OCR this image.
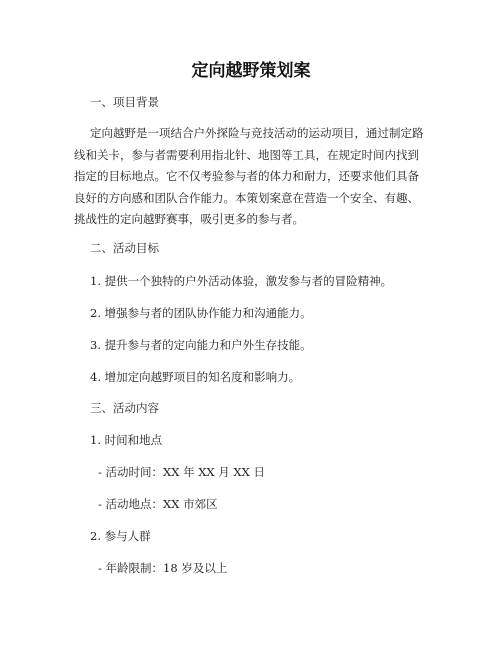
定向越野策划案
一、项目背景
定向越野是一项结合户外探险与竞技活动的运动项目，通过制定路
线和关卡，参与者需要利用指北针、地图等工具，在规定时间内找到
指定的目标地点。它不仅考验参与者的体力和耐力，还要求他们具备
良好的方向感和团队合作能力。本策划案意在营造一个安全、有趣、
挑战性的定向越野赛事，吸引更多的参与者。
二、活动目标
1. 提供一个独特的户外活动体验，激发参与者的冒险精神。
2. 增强参与者的团队协作能力和沟通能力。
3. 提升参与者的定向能力和户外生存技能。
4. 增加定向越野项目的知名度和影响力。
三、活动内容
1. 时间和地点
- 活动时间：XX 年 XX 月 XX 日
- 活动地点：XX 市郊区
2. 参与人群
- 年龄限制：18 岁及以上
